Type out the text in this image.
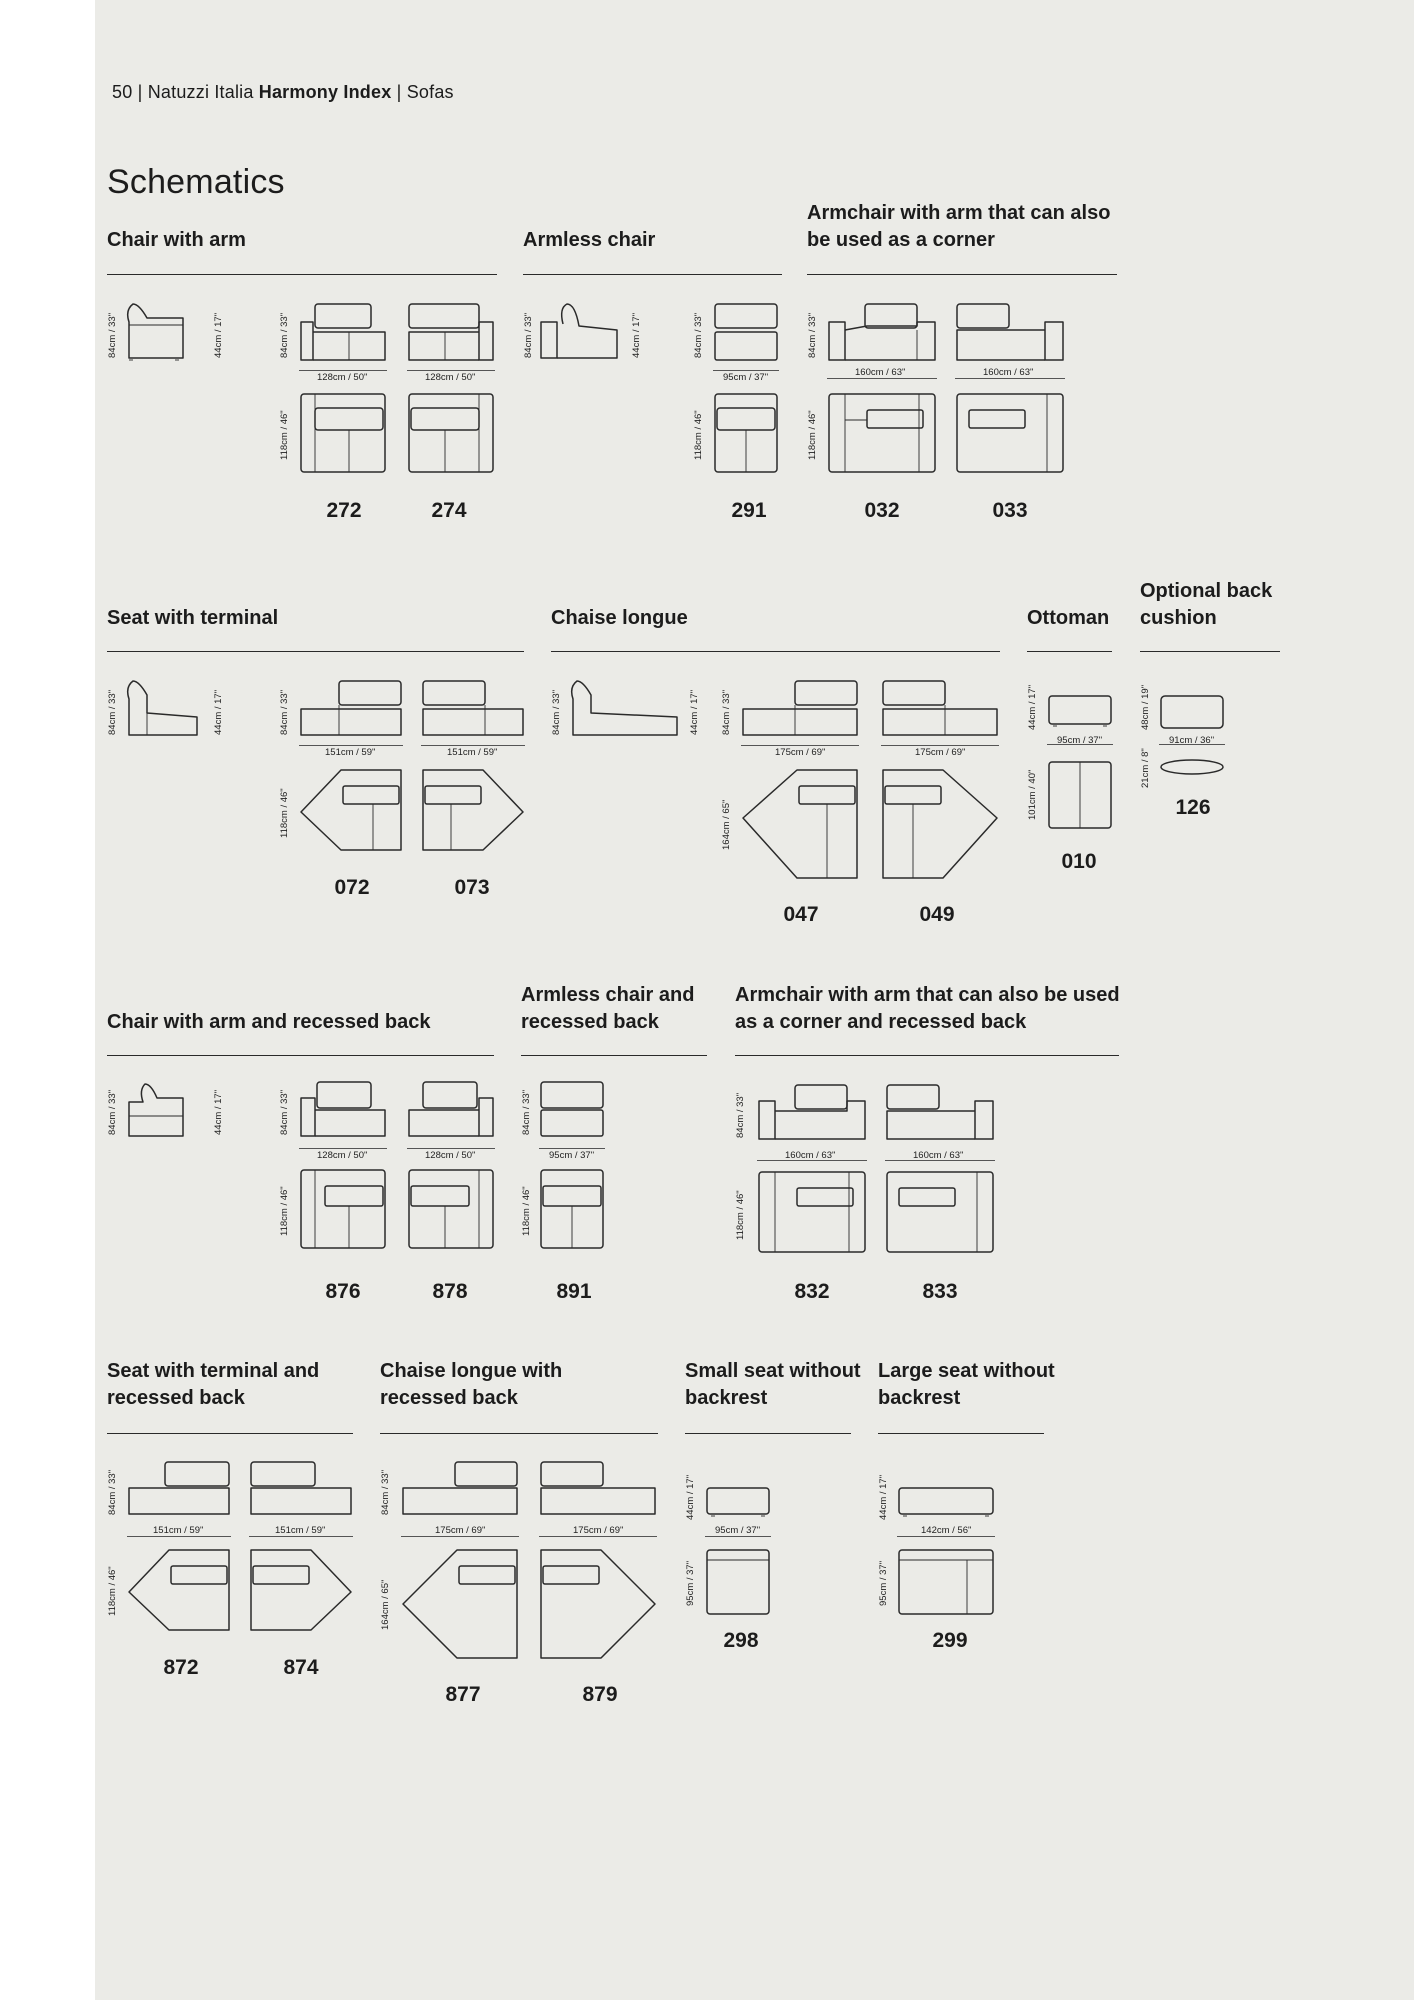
50 | Natuzzi Italia Harmony Index | Sofas
Schematics
Chair with arm
84cm / 33"	44cm / 17"	84cm / 33"
128cm / 50"	128cm / 50"
118cm / 46"
272	274
Armless chair
84cm / 33"	44cm / 17"	84cm / 33"
95cm / 37"
118cm / 46"
291
Armchair with arm that can also be used as a corner
84cm / 33"
160cm / 63"	160cm / 63"
118cm / 46"
032	033
Seat with terminal
84cm / 33"	44cm / 17"	84cm / 33"
151cm / 59"	151cm / 59"
118cm / 46"
072	073
Chaise longue
84cm / 33"	44cm / 17" 84cm / 33"
175cm / 69"	175cm / 69"
164cm / 65"
047	049
Ottoman
44cm / 17"
95cm / 37"
101cm / 40"
010
Optional back cushion
48cm / 19"
91cm / 36"
21cm / 8"
126
Chair with arm and recessed back
84cm / 33"	44cm / 17"	84cm / 33"
128cm / 50"	128cm / 50"
118cm / 46"
876	878
Armless chair and recessed back
84cm / 33"
95cm / 37"
118cm / 46"
891
Armchair with arm that can also be used as a corner and recessed back
84cm / 33"
160cm / 63"	160cm / 63"
118cm / 46"
832	833
Seat with terminal and recessed back
84cm / 33"
151cm / 59"	151cm / 59"
118cm / 46"
872	874
Chaise longue with recessed back
84cm / 33"
175cm / 69"	175cm / 69"
164cm / 65"
877	879
Small seat without backrest
44cm / 17"
95cm / 37"
95cm / 37"
298
Large seat without backrest
44cm / 17"
142cm / 56"
95cm / 37"
299
